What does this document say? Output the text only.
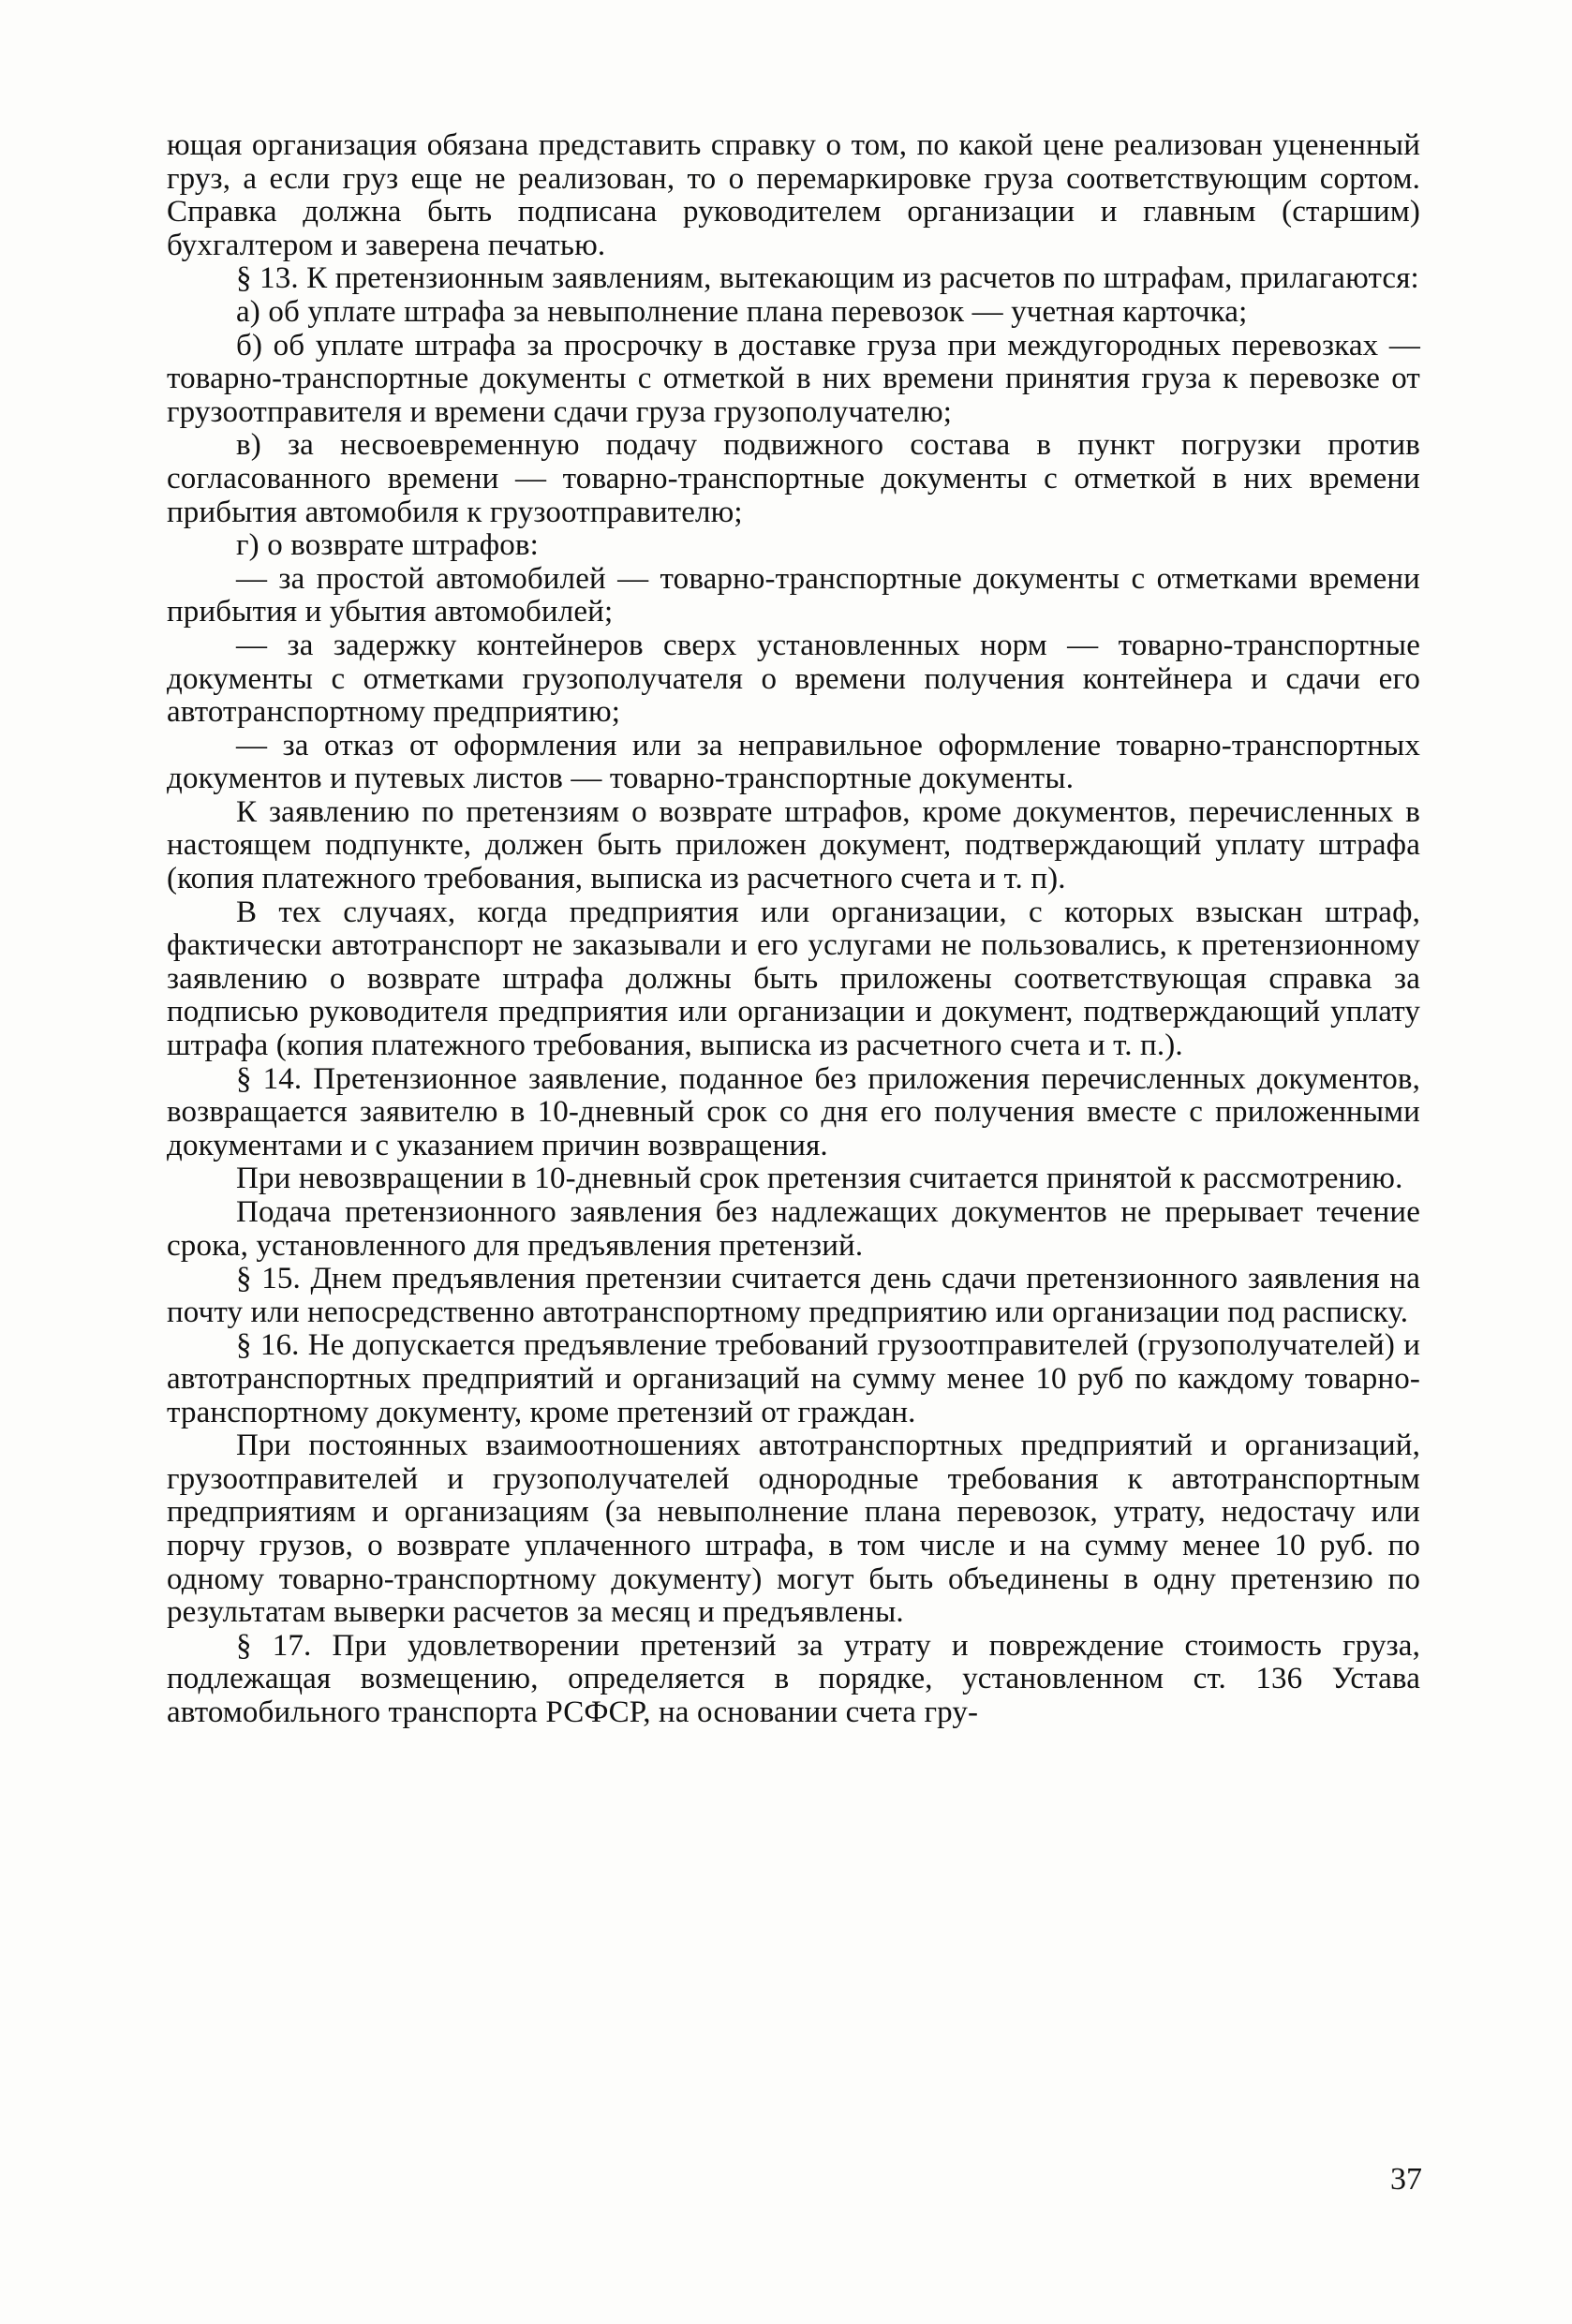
ющая организация обязана представить справку о том, по какой цене реализован уцененный груз, а если груз еще не реализован, то о перемаркировке груза соответствующим сортом. Справка должна быть подписана руководителем организации и главным (старшим) бухгалтером и заверена печатью.

§ 13. К претензионным заявлениям, вытекающим из расчетов по штрафам, прилагаются:

а) об уплате штрафа за невыполнение плана перевозок — учетная карточка;

б) об уплате штрафа за просрочку в доставке груза при междугородных перевозках — товарно-транспортные документы с отметкой в них времени принятия груза к перевозке от грузоотправителя и времени сдачи груза грузополучателю;

в) за несвоевременную подачу подвижного состава в пункт погрузки против согласованного времени — товарно-транспортные документы с отметкой в них времени прибытия автомобиля к грузоотправителю;

г) о возврате штрафов:

— за простой автомобилей — товарно-транспортные документы с отметками времени прибытия и убытия автомобилей;

— за задержку контейнеров сверх установленных норм — товарно-транспортные документы с отметками грузополучателя о времени получения контейнера и сдачи его автотранспортному предприятию;

— за отказ от оформления или за неправильное оформление товарно-транспортных документов и путевых листов — товарно-транспортные документы.

К заявлению по претензиям о возврате штрафов, кроме документов, перечисленных в настоящем подпункте, должен быть приложен документ, подтверждающий уплату штрафа (копия платежного требования, выписка из расчетного счета и т. п).

В тех случаях, когда предприятия или организации, с которых взыскан штраф, фактически автотранспорт не заказывали и его услугами не пользовались, к претензионному заявлению о возврате штрафа должны быть приложены соответствующая справка за подписью руководителя предприятия или организации и документ, подтверждающий уплату штрафа (копия платежного требования, выписка из расчетного счета и т. п.).

§ 14. Претензионное заявление, поданное без приложения перечисленных документов, возвращается заявителю в 10-дневный срок со дня его получения вместе с приложенными документами и с указанием причин возвращения.

При невозвращении в 10-дневный срок претензия считается принятой к рассмотрению.

Подача претензионного заявления без надлежащих документов не прерывает течение срока, установленного для предъявления претензий.

§ 15. Днем предъявления претензии считается день сдачи претензионного заявления на почту или непосредственно автотранспортному предприятию или организации под расписку.

§ 16. Не допускается предъявление требований грузоотправителей (грузополучателей) и автотранспортных предприятий и организаций на сумму менее 10 руб по каждому товарно-транспортному документу, кроме претензий от граждан.

При постоянных взаимоотношениях автотранспортных предприятий и организаций, грузоотправителей и грузополучателей однородные требования к автотранспортным предприятиям и организациям (за невыполнение плана перевозок, утрату, недостачу или порчу грузов, о возврате уплаченного штрафа, в том числе и на сумму менее 10 руб. по одному товарно-транспортному документу) могут быть объединены в одну претензию по результатам выверки расчетов за месяц и предъявлены.

§ 17. При удовлетворении претензий за утрату и повреждение стоимость груза, подлежащая возмещению, определяется в порядке, установленном ст. 136 Устава автомобильного транспорта РСФСР, на основании счета гру-

37
